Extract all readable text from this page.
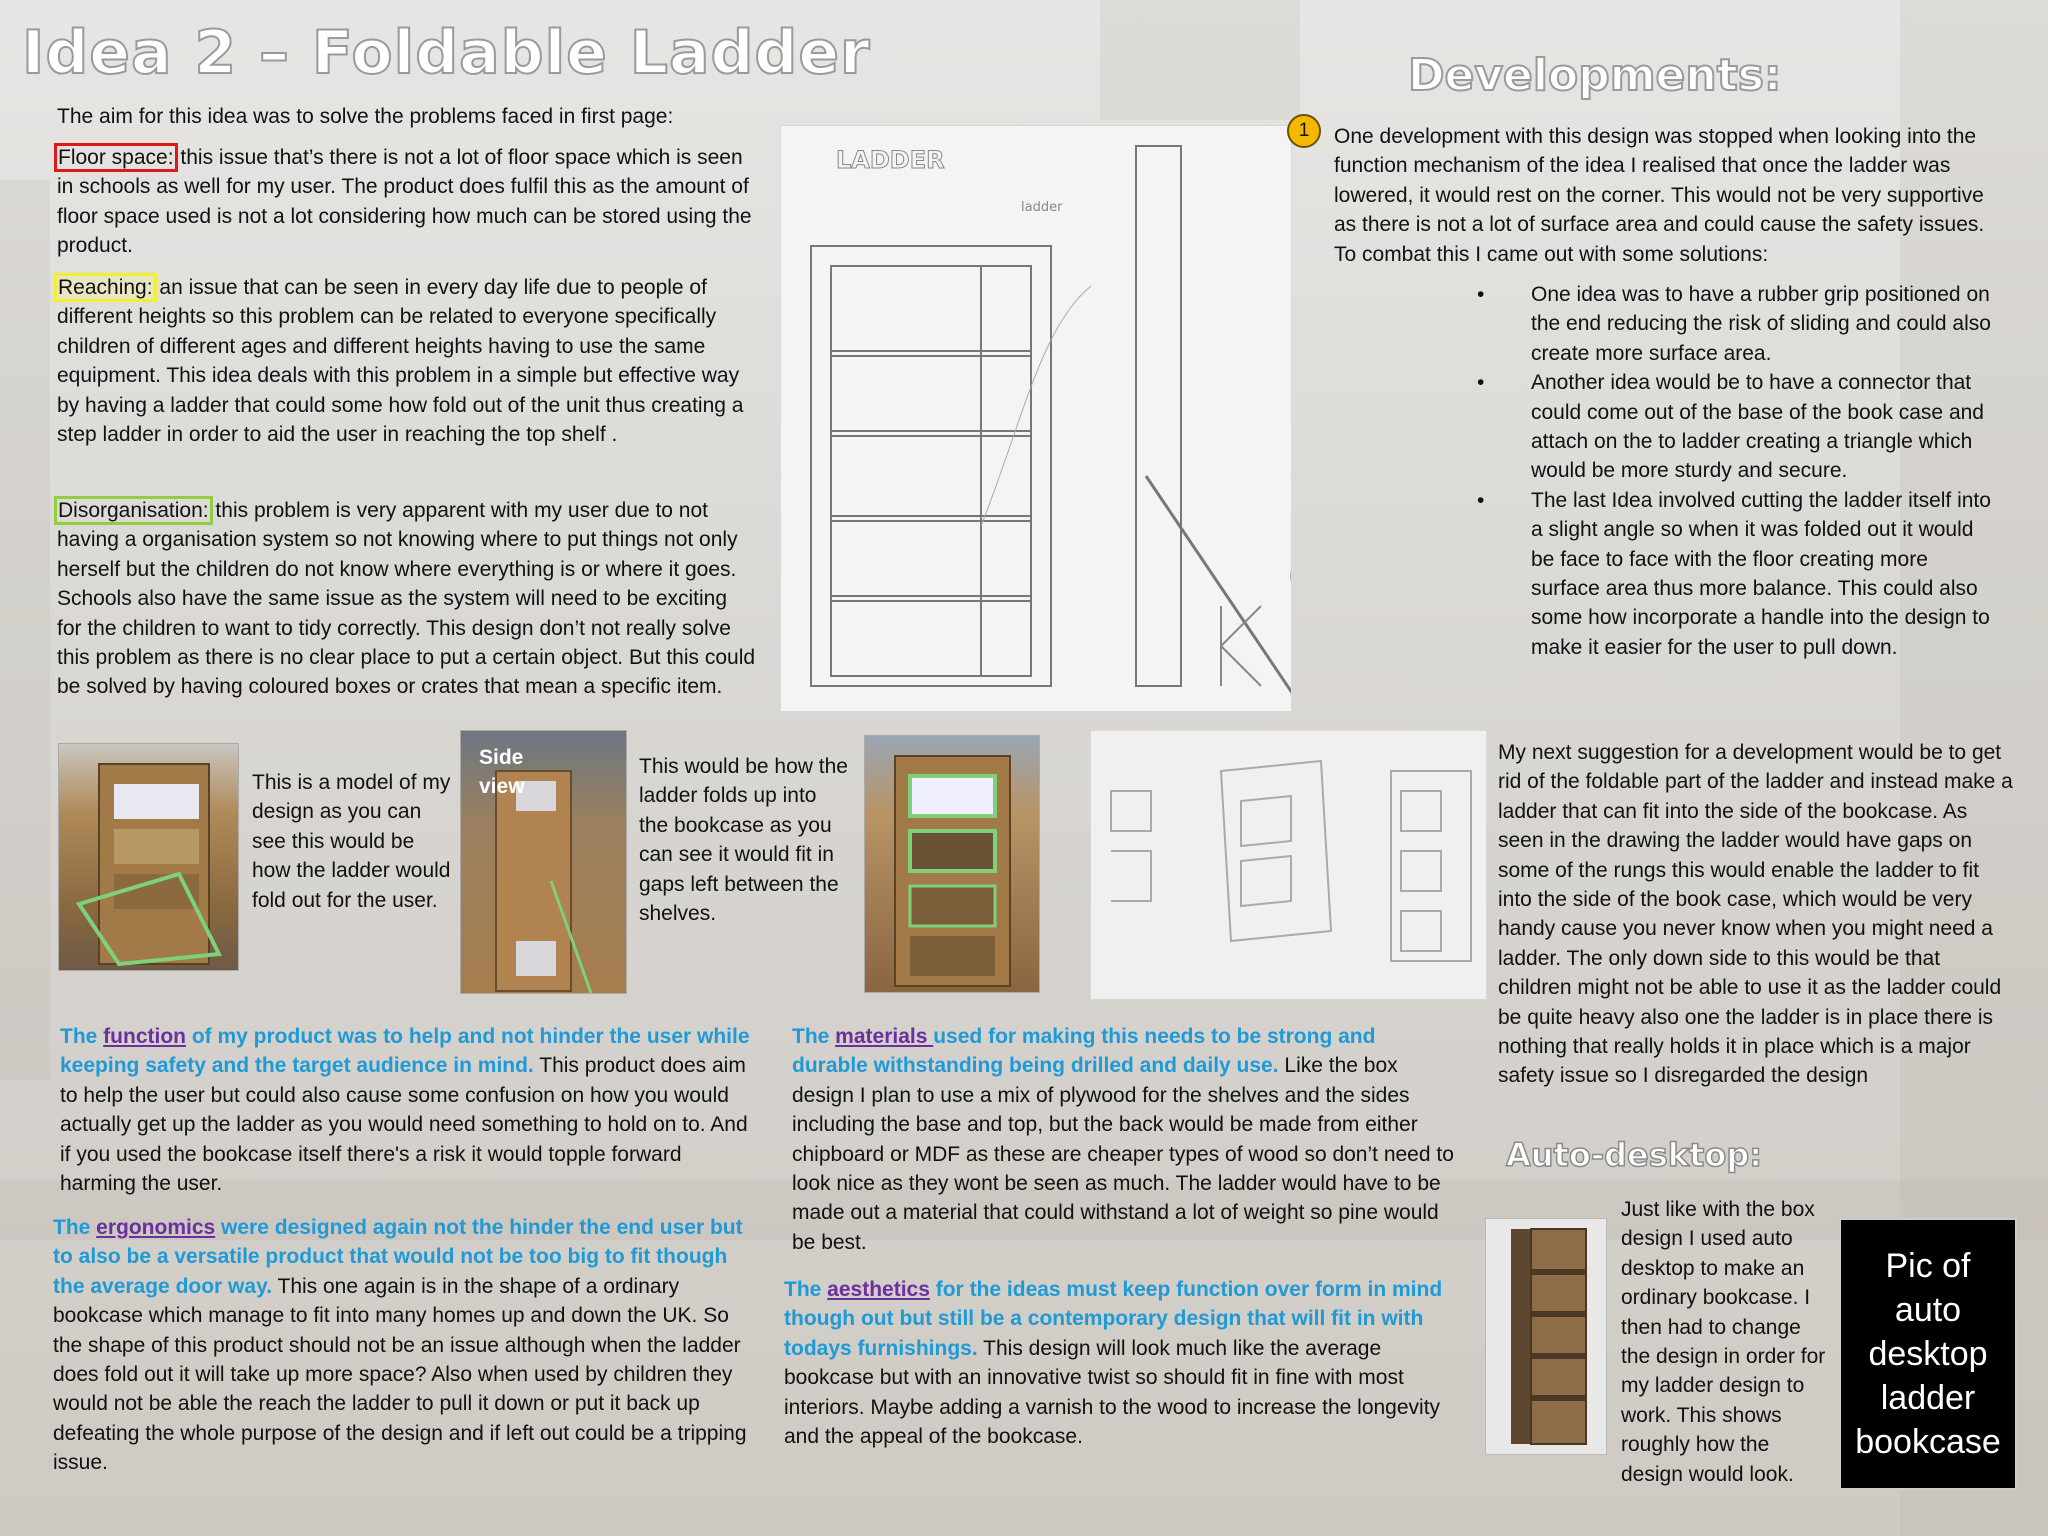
Idea 2 – Foldable Ladder	Developments:
The aim for this idea was to solve the problems faced in first page:
Floor space: this issue that’s there is not a lot of floor space which is seen in schools as well for my user. The product does fulfil this as the amount of floor space used is not a lot considering how much can be stored using the product.
Reaching: an issue that can be seen in every day life due to people of different heights so this problem can be related to everyone specifically children of different ages and different heights having to use the same equipment. This idea deals with this problem in a simple but effective way by having a ladder that could some how fold out of the unit thus creating a step ladder in order to aid the user in reaching the top shelf .
Disorganisation: this problem is very apparent with my user due to not having a organisation system so not knowing where to put things not only herself but the children do not know where everything is or where it goes. Schools also have the same issue as the system will need to be exciting for the children to want to tidy correctly. This design don’t not really solve this problem as there is no clear place to put a certain object. But this could be solved by having coloured boxes or crates that mean a specific item.
LADDER
ladder
1	One development with this design was stopped when looking into the function mechanism of the idea I realised that once the ladder was lowered, it would rest on the corner. This would not be very supportive as there is not a lot of surface area and could cause the safety issues. To combat this I came out with some solutions:
• One idea was to have a rubber grip positioned on the end reducing the risk of sliding and could also create more surface area.
• Another idea would be to have a connector that could come out of the base of the book case and attach on the to ladder creating a triangle which would be more sturdy and secure.
• The last Idea involved cutting the ladder itself into a slight angle so when it was folded out it would be face to face with the floor creating more surface area thus more balance. This could also some how incorporate a handle into the design to make it easier for the user to pull down.
This is a model of my design as you can see this would be how the ladder would fold out for the user.
Side view
This would be how the ladder folds up into the bookcase as you can see it would fit in gaps left between the shelves.
My next suggestion for a development would be to get rid of the foldable part of the ladder and instead make a ladder that can fit into the side of the bookcase. As seen in the drawing the ladder would have gaps on some of the rungs this would enable the ladder to fit into the side of the book case, which would be very handy cause you never know when you might need a ladder. The only down side to this would be that children might not be able to use it as the ladder could be quite heavy also one the ladder is in place there is nothing that really holds it in place which is a major safety issue so I disregarded the design
The function of my product was to help and not hinder the user while keeping safety and the target audience in mind. This product does aim to help the user but could also cause some confusion on how you would actually get up the ladder as you would need something to hold on to. And if you used the bookcase itself there's a risk it would topple forward harming the user.
The ergonomics were designed again not the hinder the end user but to also be a versatile product that would not be too big to fit though the average door way. This one again is in the shape of a ordinary bookcase which manage to fit into many homes up and down the UK. So the shape of this product should not be an issue although when the ladder does fold out it will take up more space? Also when used by children they would not be able the reach the ladder to pull it down or put it back up defeating the whole purpose of the design and if left out could be a tripping issue.
The materials used for making this needs to be strong and durable withstanding being drilled and daily use. Like the box design I plan to use a mix of plywood for the shelves and the sides including the base and top, but the back would be made from either chipboard or MDF as these are cheaper types of wood so don’t need to look nice as they wont be seen as much. The ladder would have to be made out a material that could withstand a lot of weight so pine would be best.
The aesthetics for the ideas must keep function over form in mind though out but still be a contemporary design that will fit in with todays furnishings. This design will look much like the average bookcase but with an innovative twist so should fit in fine with most interiors. Maybe adding a varnish to the wood to increase the longevity and the appeal of the bookcase.
Auto-desktop:
Just like with the box design I used auto desktop to make an ordinary bookcase. I then had to change the design in order for my ladder design to work. This shows roughly how the design would look.
Pic of auto desktop ladder bookcase
